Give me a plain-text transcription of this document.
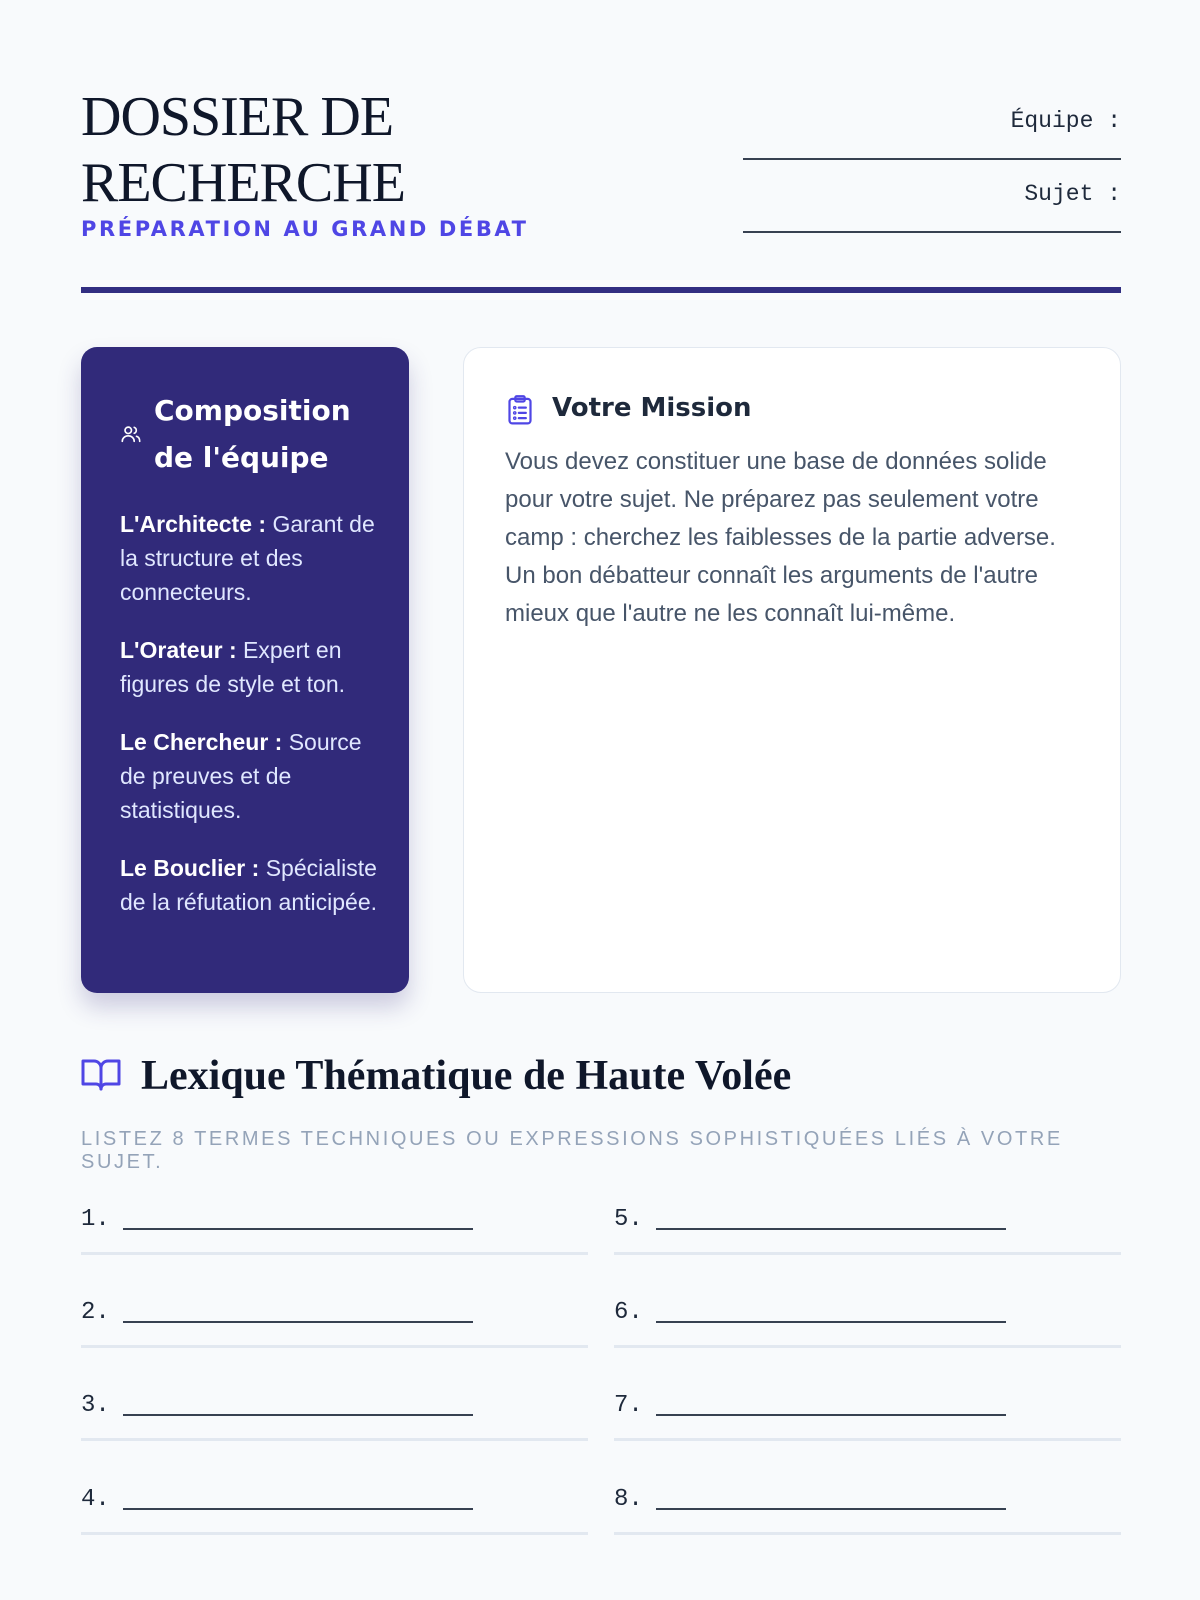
DOSSIER DE RECHERCHE
PRÉPARATION AU GRAND DÉBAT
Équipe :
Sujet :
Composition de l'équipe

L'Architecte : Garant de la structure et des connecteurs.

L'Orateur : Expert en figures de style et ton.

Le Chercheur : Source de preuves et de statistiques.

Le Bouclier : Spécialiste de la réfutation anticipée.

Votre Mission

Vous devez constituer une base de données solide pour votre sujet. Ne préparez pas seulement votre camp : cherchez les faiblesses de la partie adverse. Un bon débatteur connaît les arguments de l'autre mieux que l'autre ne les connaît lui-même.

Lexique Thématique de Haute Volée
LISTEZ 8 TERMES TECHNIQUES OU EXPRESSIONS SOPHISTIQUÉES LIÉS À VOTRE SUJET.
1.
2.
3.
4.
5.
6.
7.
8.
